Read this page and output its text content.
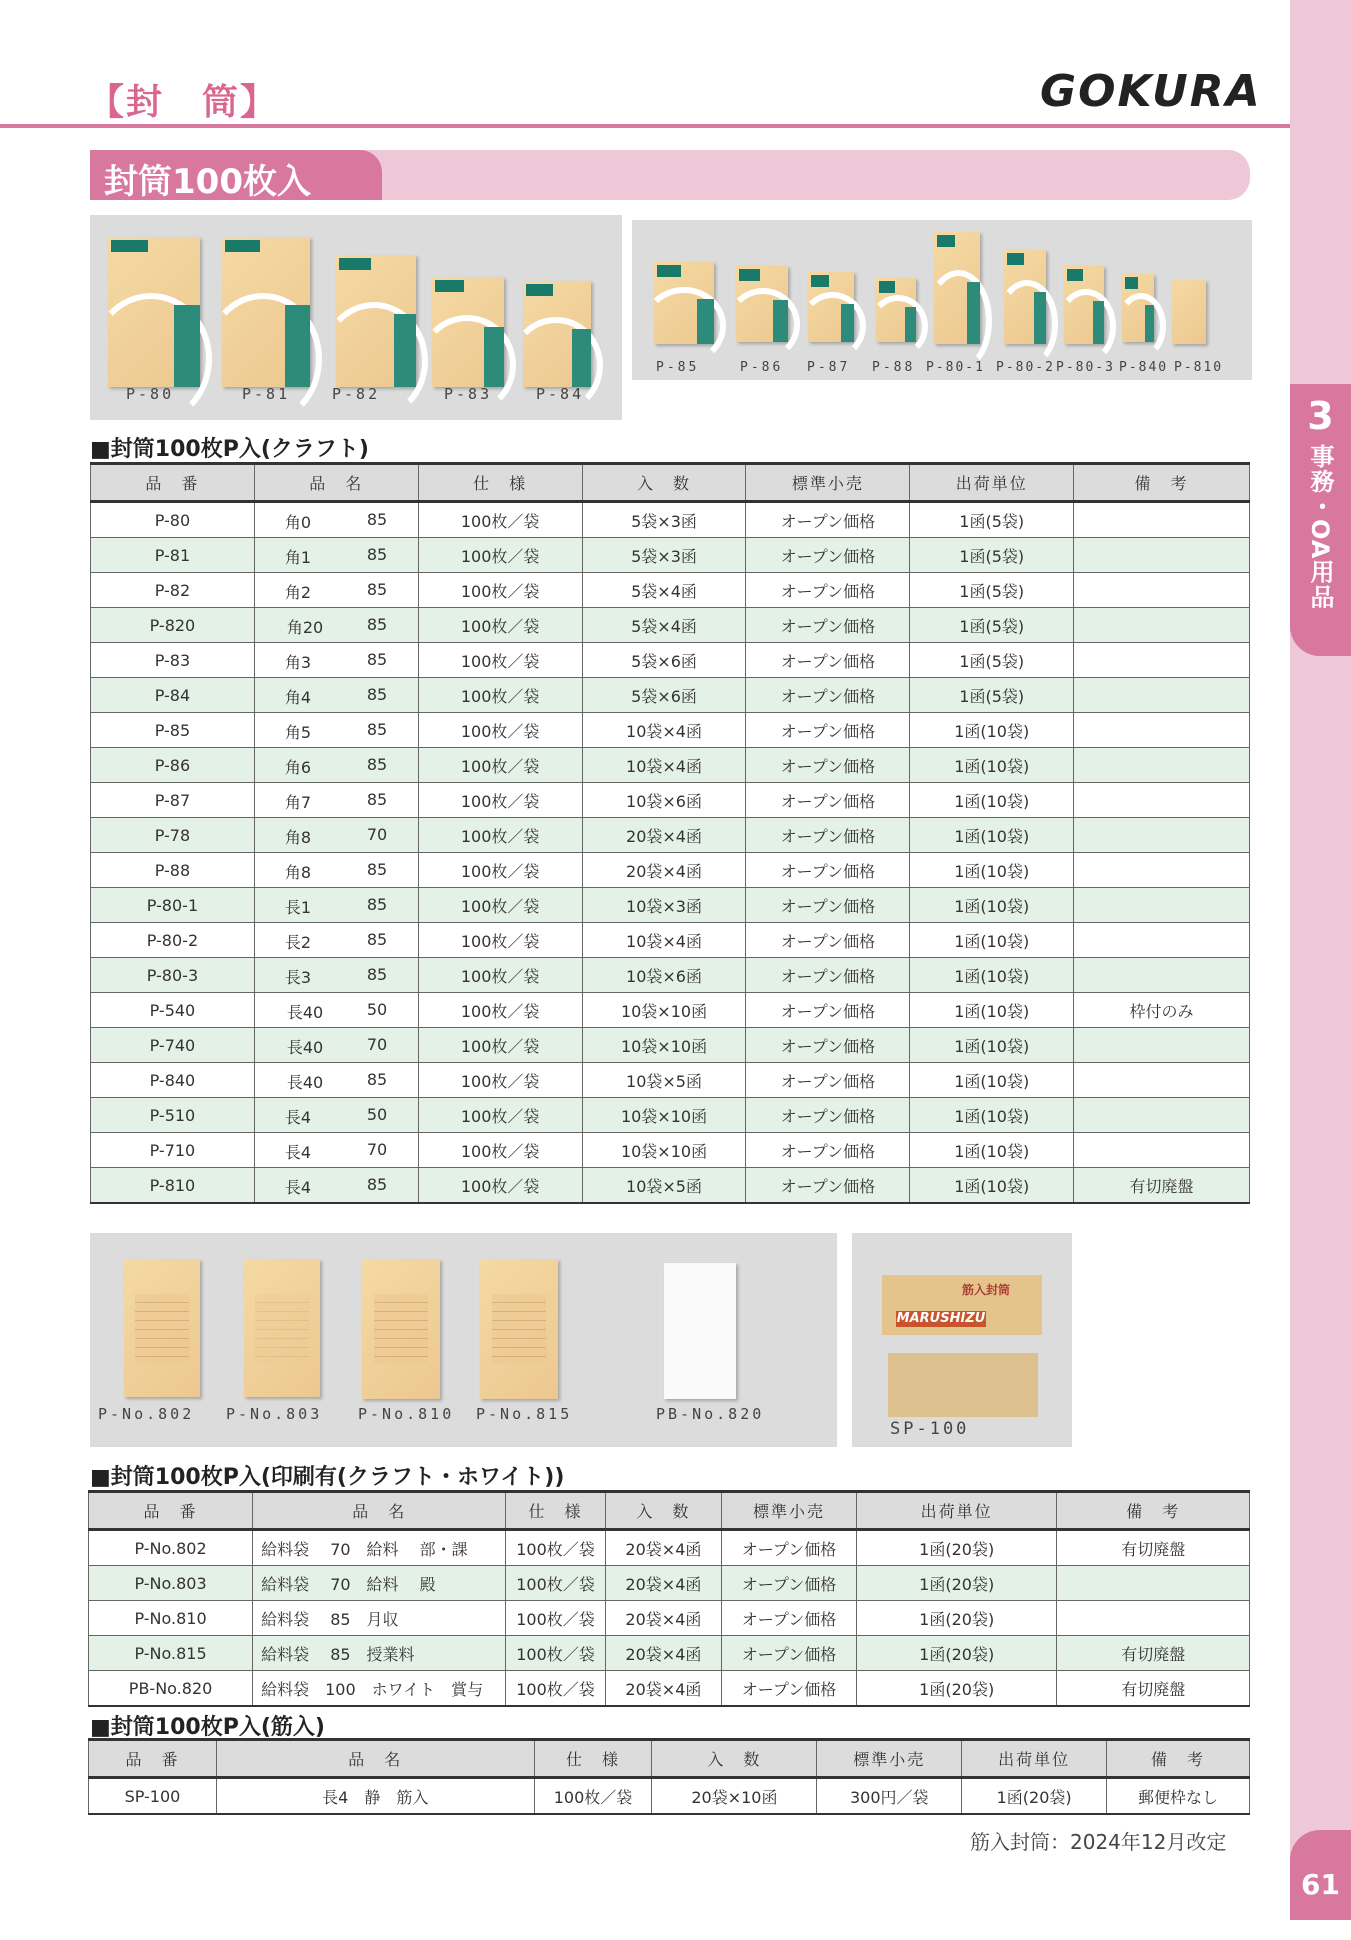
3
事務・OA用品
61
【封　筒】	GOKURA
封筒100枚入
P-80	P-81	P-82	P-83	P-84
P-85	P-86 P-87 P-88 P-80-1 P-80-2 P-80-3 P-840 P-810
■封筒100枚P入(クラフト)
品　番	品　名	仕　様	入　数	標準小売	出荷単位	備　考
P-80	角0 85	100枚／袋	5袋×3函	オープン価格	1函(5袋)	
P-81	角1 85	100枚／袋	5袋×3函	オープン価格	1函(5袋)	
P-82	角2 85	100枚／袋	5袋×4函	オープン価格	1函(5袋)	
P-820	角20 85	100枚／袋	5袋×4函	オープン価格	1函(5袋)	
P-83	角3 85	100枚／袋	5袋×6函	オープン価格	1函(5袋)	
P-84	角4 85	100枚／袋	5袋×6函	オープン価格	1函(5袋)	
P-85	角5 85	100枚／袋	10袋×4函	オープン価格	1函(10袋)	
P-86	角6 85	100枚／袋	10袋×4函	オープン価格	1函(10袋)	
P-87	角7 85	100枚／袋	10袋×6函	オープン価格	1函(10袋)	
P-78	角8 70	100枚／袋	20袋×4函	オープン価格	1函(10袋)	
P-88	角8 85	100枚／袋	20袋×4函	オープン価格	1函(10袋)	
P-80-1	長1 85	100枚／袋	10袋×3函	オープン価格	1函(10袋)	
P-80-2	長2 85	100枚／袋	10袋×4函	オープン価格	1函(10袋)	
P-80-3	長3 85	100枚／袋	10袋×6函	オープン価格	1函(10袋)	
P-540	長40 50	100枚／袋	10袋×10函	オープン価格	1函(10袋)	枠付のみ
P-740	長40 70	100枚／袋	10袋×10函	オープン価格	1函(10袋)	
P-840	長40 85	100枚／袋	10袋×5函	オープン価格	1函(10袋)	
P-510	長4 50	100枚／袋	10袋×10函	オープン価格	1函(10袋)	
P-710	長4 70	100枚／袋	10袋×10函	オープン価格	1函(10袋)	
P-810	長4 85	100枚／袋	10袋×5函	オープン価格	1函(10袋)	有切廃盤
P-No.802 P-No.803 P-No.810 P-No.815	PB-No.820
MARUSHIZU
筋入封筒
SP-100
■封筒100枚P入(印刷有(クラフト・ホワイト))
品　番	品　名	仕　様	入　数	標準小売	出荷単位	備　考
P-No.802	給料袋　 70　給料　 部・課	100枚／袋	20袋×4函	オープン価格	1函(20袋)	有切廃盤
P-No.803	給料袋　 70　給料　 殿	100枚／袋	20袋×4函	オープン価格	1函(20袋)	
P-No.810	給料袋　 85　月収	100枚／袋	20袋×4函	オープン価格	1函(20袋)	
P-No.815	給料袋　 85　授業料	100枚／袋	20袋×4函	オープン価格	1函(20袋)	有切廃盤
PB-No.820	給料袋　100　ホワイト　賞与	100枚／袋	20袋×4函	オープン価格	1函(20袋)	有切廃盤
■封筒100枚P入(筋入)
品　番	品　名	仕　様	入　数	標準小売	出荷単位	備　考
SP-100	長4　静　筋入	100枚／袋	20袋×10函	300円／袋	1函(20袋)	郵便枠なし
筋入封筒：2024年12月改定
